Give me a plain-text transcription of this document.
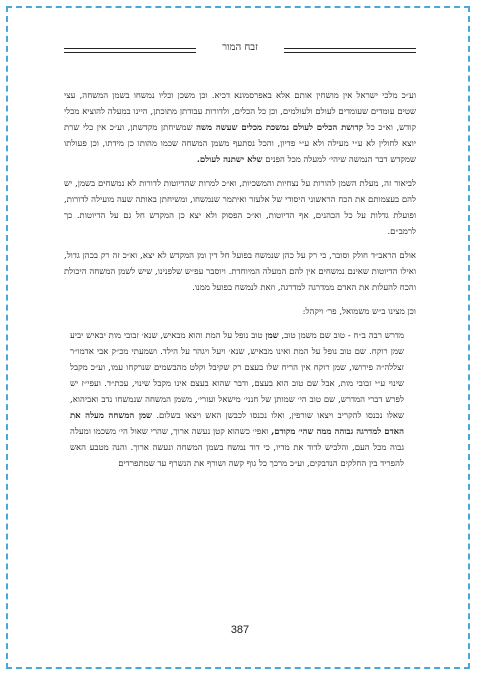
זבח המור

וע״כ מלכי ישראל אין מושחין אותם אלא באפרסמונא דכיא. וכן משכן וכליו נמשחו בשמן המשחה, עצי שטים עומדים שעומדים לעולם ולעולמים, וכן כל הכלים, ולדורות עבודתן מתוכתן, היינו במעלה להוציא מכלי קודש, וא״כ כל קדושת הכלים לעולם נמשכת מכלים שעשה משה שמשיחתן מקדשתן, וע״כ אין כלי שרת יוצא לחולין לא ע״י מעילה ולא ע״י פדיון, והכל נסתעף משמן המשחה שכמו מהותו כן מידתו, וכן פעולתו שמקדש דבר הנמשה שיהי׳ למעלה מכל הפנים שלא ישתנה לעולם.

לביאור זה, מעלת השמן להורות על נצחיות והמשכיות, וא״כ למרות שהדיוטות לדורות לא נמשחים בשמן, יש להם בעצמותם את הכח הראשוני היסודי של אלעזר ואיתמר שנמשחו, ומשיחתן באותה שעה מועילה לדורות, ופועלת גדלות על כל הכהנים, אף הדיוטות, וא״כ הפסוק ולא יצא כן המקדש חל גם על הדיוטות. כך לרמב״ם.

אולם הראב״ד חולק וסובר, כי רק על כהן שנמשח בפועל חל דין ומן המקדש לא יצא, וא״כ זה רק בכהן גדול, ואילו הדיוטות שאינם נמשחים אין להם המעלה המיוחדת. ויוסבר עפ״ש שלפנינו, שיש לשמן המשחה היכולת והכח להעלות את האדם ממדרגה למדרגה, וזאת לנמשח בפועל ממנו.

וכן מצינו ב״ש משמואל, פר׳ ויקהל:

מדרש רבה ב״ח - טוב שם משמן טוב, שמן טוב נופל על המת והוא מבאיש, שנא׳ זבובי מות יבאיש יביע שמן רוקח. שם טוב נופל על המת ואינו מבאיש, שנא׳ ויעל ויגהר על הילד. ושמעתי מכ״ק אבי אדמו״ר זצללה״ה פירושו, שמן רוקח אין הריח שלו בעצם רק שקיבל וקלט מהבשמים שנרקחו עמו, וע״כ מקבל שינוי ע״י זבובי מות, אבל שם טוב הוא בעצם, ודבר שהוא בעצם אינו מקבל שינוי, עכת״ד. ועפי״ז יש לפרש דברי המדרש, שם טוב הי׳ שמותן של חנני׳ מישאל ועזרי׳, משמן המשחה שנמשחו נדב ואביהוא, שאלו נכנסו להקריב ויצאו שורפין, ואלו נכנסו לכבשן האש ויצאו בשלום. שמן המשחה מעלה את האדם למדרגה גבוהה ממה שהי׳ מקודם, ואפי׳ כשהוא קטן נעשה ארוך, שהרי שאול הי׳ משכמו ומעלה גבוה מכל העם, והלביש לדוד את מדיו, כי דוד נמשח בשמן המשחה ונעשה ארוך. והנה מטבע האש להפריד בין החלקים הנדבקים, וע״כ מרכך כל גוף קשה ושורף את הנשרף עד שמתפרדים

387
